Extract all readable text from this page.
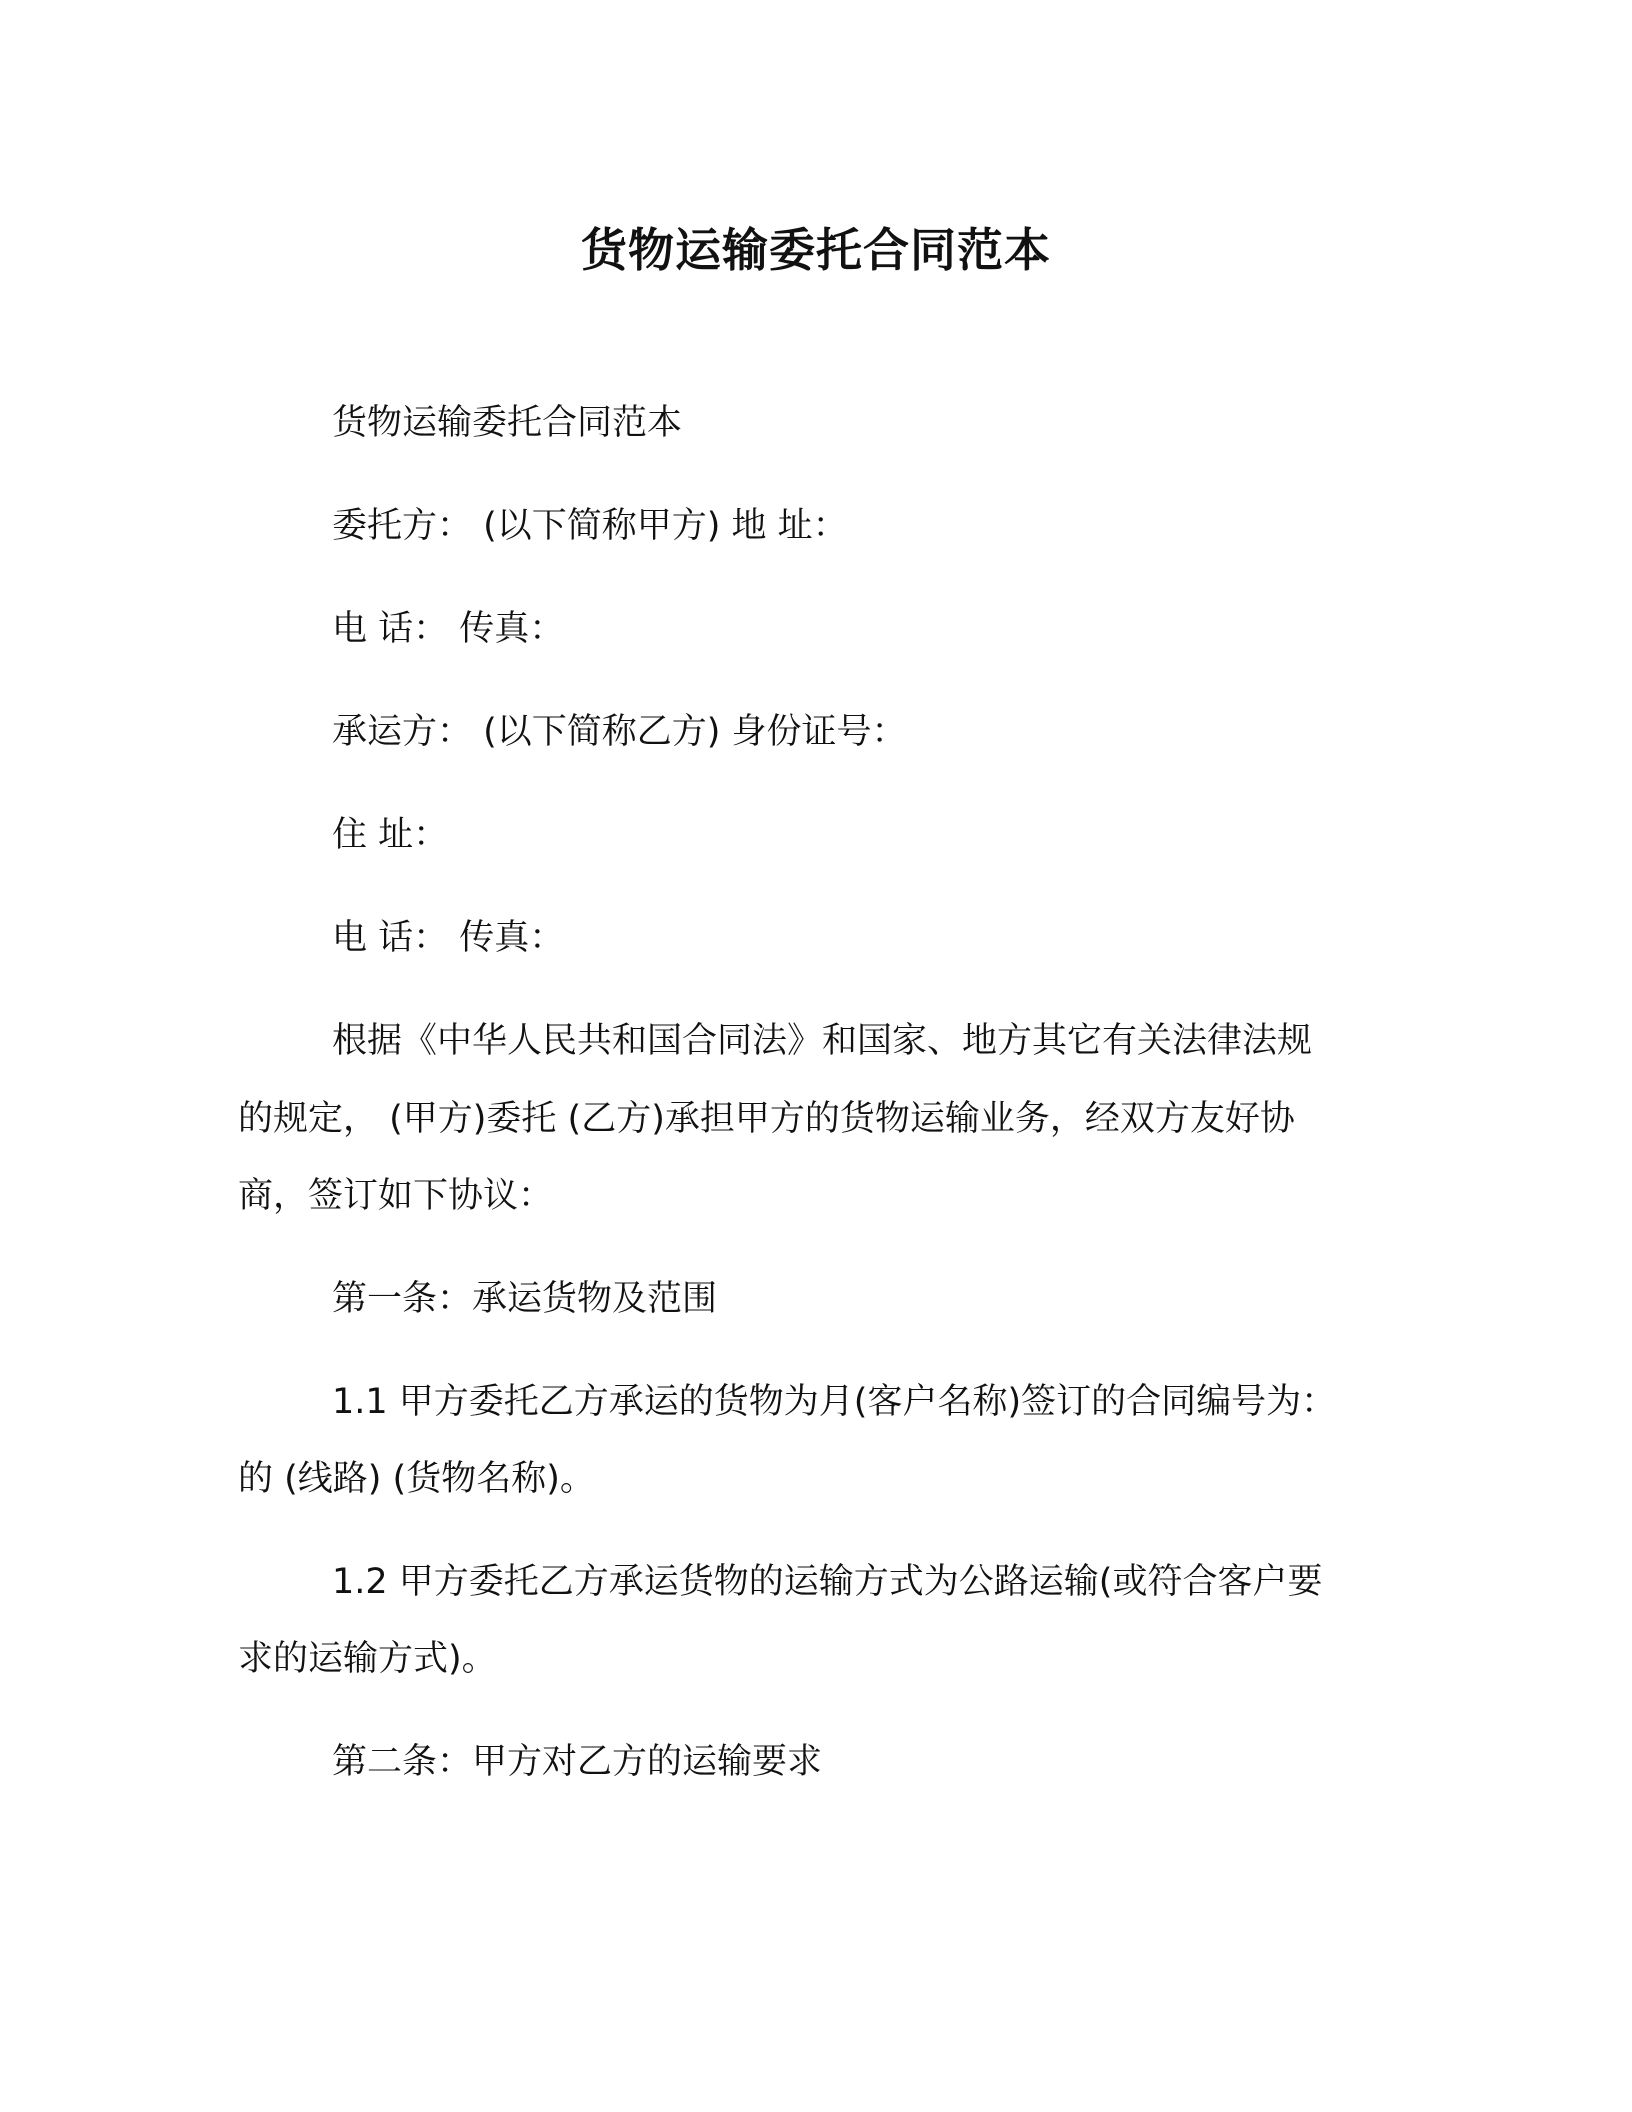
货物运输委托合同范本
货物运输委托合同范本
委托方： (以下简称甲方) 地 址：
电 话： 传真：
承运方： (以下简称乙方) 身份证号：
住 址：
电 话： 传真：
根据《中华人民共和国合同法》和国家、地方其它有关法律法规
的规定， (甲方)委托 (乙方)承担甲方的货物运输业务，经双方友好协
商，签订如下协议：
第一条：承运货物及范围
1.1 甲方委托乙方承运的货物为月(客户名称)签订的合同编号为：
的 (线路) (货物名称)。
1.2 甲方委托乙方承运货物的运输方式为公路运输(或符合客户要
求的运输方式)。
第二条：甲方对乙方的运输要求
